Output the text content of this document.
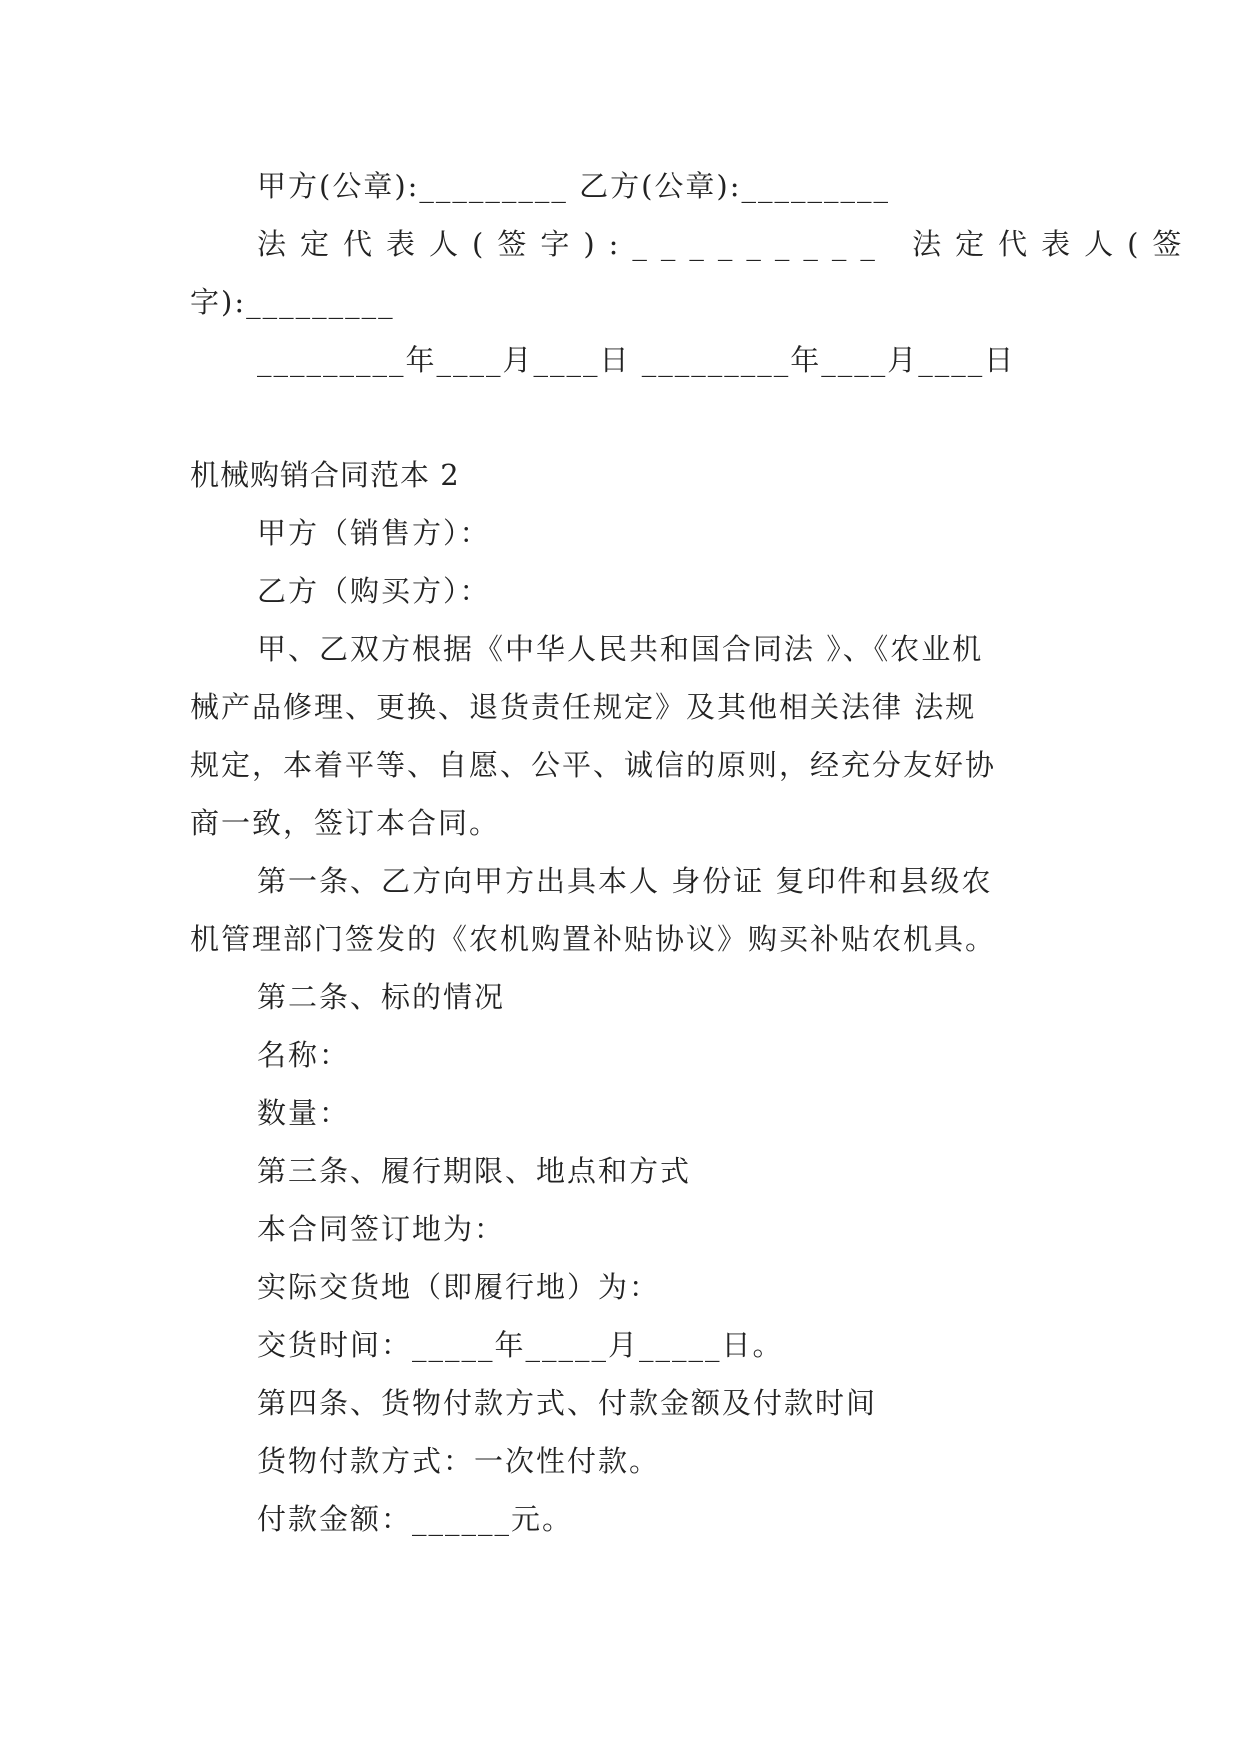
甲方(公章):_________ 乙方(公章):_________
法定代表人(签字):_________ 法定代表人(签
字):_________
_________年____月____日 _________年____月____日
机械购销合同范本 2
甲方（销售方）：
乙方（购买方）：
甲、乙双方根据《中华人民共和国合同法 》、《农业机
械产品修理、更换、退货责任规定》及其他相关法律 法规
规定，本着平等、自愿、公平、诚信的原则，经充分友好协
商一致，签订本合同。
第一条、乙方向甲方出具本人 身份证 复印件和县级农
机管理部门签发的《农机购置补贴协议》购买补贴农机具。
第二条、标的情况
名称：
数量：
第三条、履行期限、地点和方式
本合同签订地为：
实际交货地（即履行地）为：
交货时间：_____年_____月_____日。
第四条、货物付款方式、付款金额及付款时间
货物付款方式：一次性付款。
付款金额：______元。
